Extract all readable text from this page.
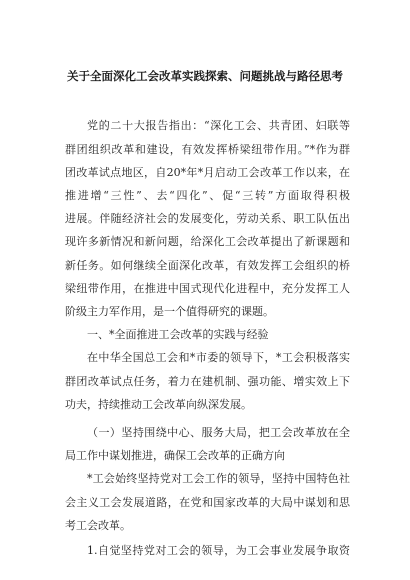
关于全面深化工会改革实践探索、问题挑战与路径思考
党的二十大报告指出：“深化工会、共青团、妇联等
群团组织改革和建设，有效发挥桥梁纽带作用。”*作为群
团改革试点地区，自20*年*月启动工会改革工作以来，在
推进增“三性”、去“四化”、促“三转”方面取得积极
进展。伴随经济社会的发展变化，劳动关系、职工队伍出
现许多新情况和新问题，给深化工会改革提出了新课题和
新任务。如何继续全面深化改革，有效发挥工会组织的桥
梁纽带作用，在推进中国式现代化进程中，充分发挥工人
阶级主力军作用，是一个值得研究的课题。
一、*全面推进工会改革的实践与经验
在中华全国总工会和*市委的领导下，*工会积极落实
群团改革试点任务，着力在建机制、强功能、增实效上下
功夫，持续推动工会改革向纵深发展。
（一）坚持围绕中心、服务大局，把工会改革放在全
局工作中谋划推进，确保工会改革的正确方向
*工会始终坚持党对工会工作的领导，坚持中国特色社
会主义工会发展道路，在党和国家改革的大局中谋划和思
考工会改革。
1.自觉坚持党对工会的领导，为工会事业发展争取资
